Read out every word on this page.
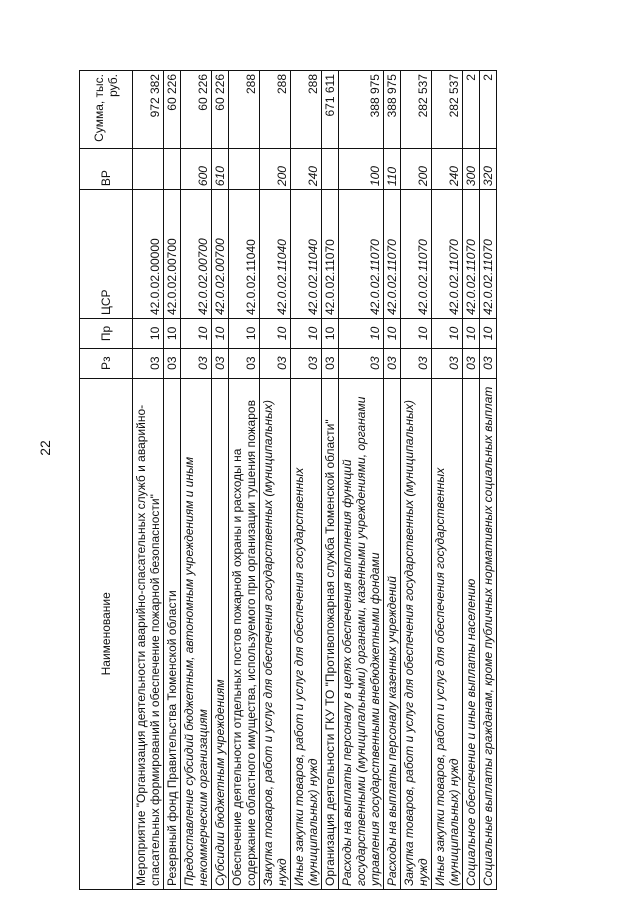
22
Наименование	Рз	Пр	ЦСР	ВР	Сумма, тыс. руб.
Мероприятие "Организация деятельности аварийно-спасательных служб и аварийно-спасательных формирований и обеспечение пожарной безопасности"	03	10	42.0.02.00000		972 382
Резервный фонд Правительства Тюменской области	03	10	42.0.02.00700		60 226
Предоставление субсидий бюджетным, автономным учреждениям и иным некоммерческим организациям	03	10	42.0.02.00700	600	60 226
Субсидии бюджетным учреждениям	03	10	42.0.02.00700	610	60 226
Обеспечение деятельности отдельных постов пожарной охраны и расходы на содержание областного имущества, используемого при организации тушения пожаров	03	10	42.0.02.11040		288
Закупка товаров, работ и услуг для обеспечения государственных (муниципальных) нужд	03	10	42.0.02.11040	200	288
Иные закупки товаров, работ и услуг для обеспечения государственных (муниципальных) нужд	03	10	42.0.02.11040	240	288
Организация деятельности ГКУ ТО "Противопожарная служба Тюменской области"	03	10	42.0.02.11070		671 611
Расходы на выплаты персоналу в целях обеспечения выполнения функций государственными (муниципальными) органами, казенными учреждениями, органами управления государственными внебюджетными фондами	03	10	42.0.02.11070	100	388 975
Расходы на выплаты персоналу казенных учреждений	03	10	42.0.02.11070	110	388 975
Закупка товаров, работ и услуг для обеспечения государственных (муниципальных) нужд	03	10	42.0.02.11070	200	282 537
Иные закупки товаров, работ и услуг для обеспечения государственных (муниципальных) нужд	03	10	42.0.02.11070	240	282 537
Социальное обеспечение и иные выплаты населению	03	10	42.0.02.11070	300	2
Социальные выплаты гражданам, кроме публичных нормативных социальных выплат	03	10	42.0.02.11070	320	2
